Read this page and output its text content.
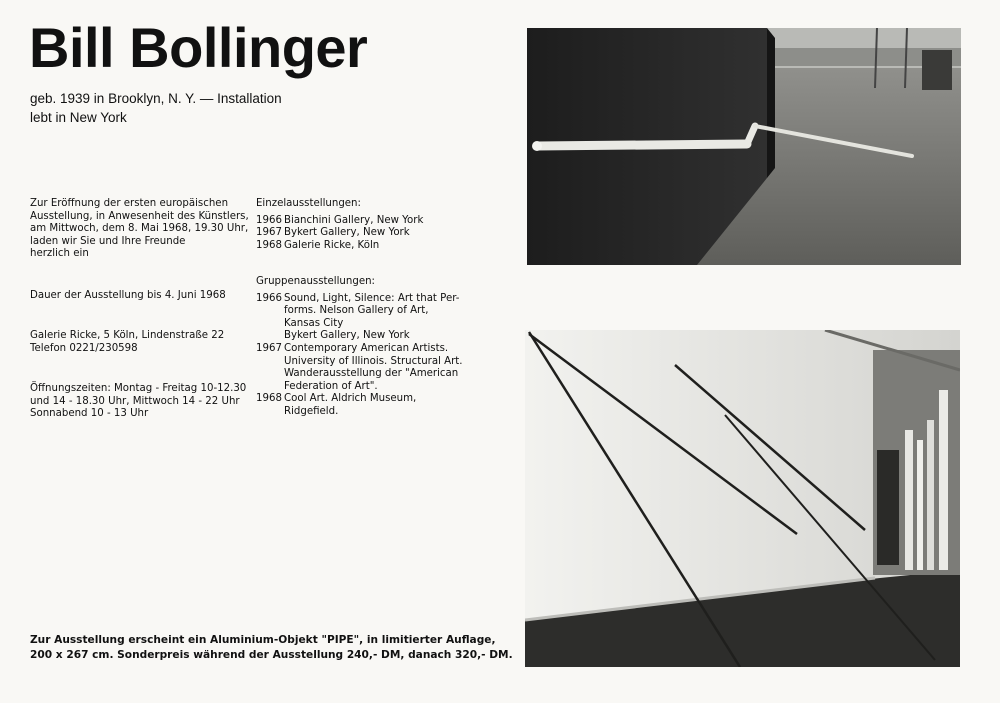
Bill Bollinger
geb. 1939 in Brooklyn, N. Y. — Installation
lebt in New York

Zur Eröffnung der ersten europäischen

Ausstellung, in Anwesenheit des Künstlers,

am Mittwoch, dem 8. Mai 1968, 19.30 Uhr,

laden wir Sie und Ihre Freunde

herzlich ein

Dauer der Ausstellung bis 4. Juni 1968

Galerie Ricke, 5 Köln, Lindenstraße 22

Telefon 0221/230598

Öffnungszeiten: Montag - Freitag 10-12.30

und 14 - 18.30 Uhr, Mittwoch 14 - 22 Uhr

Sonnabend 10 - 13 Uhr

Einzelausstellungen:
1966 Bianchini Gallery, New York
1967 Bykert Gallery, New York
1968 Galerie Ricke, Köln
Gruppenausstellungen:
1966 Sound, Light, Silence: Art that Per-
forms. Nelson Gallery of Art,
Kansas City
Bykert Gallery, New York
1967 Contemporary American Artists.
University of Illinois. Structural Art.
Wanderausstellung der "American
Federation of Art".
1968 Cool Art. Aldrich Museum,
Ridgefield.
Zur Ausstellung erscheint ein Aluminium-Objekt "PIPE", in limitierter Auflage,
200 x 267 cm. Sonderpreis während der Ausstellung 240,- DM, danach 320,- DM.
